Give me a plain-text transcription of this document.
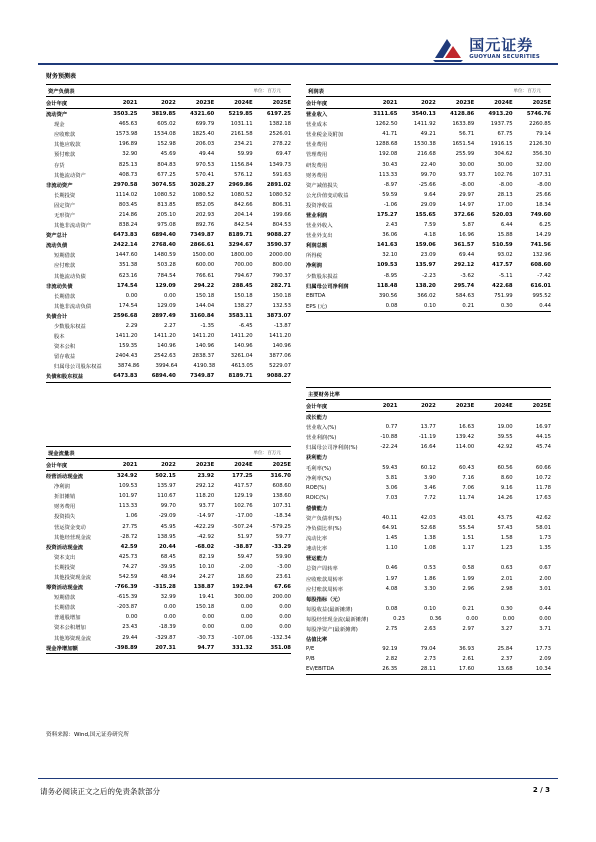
国元证券
GUOYUAN SECURITIES
财务预测表
资产负债表	单位：百万元
会计年度	2021	2022	2023E	2024E	2025E
流动资产	3503.25	3819.85	4321.60	5219.85	6197.25
现金	465.63	605.02	699.79	1031.11	1382.18
应收账款	1573.98	1534.08	1825.40	2161.58	2526.01
其他应收款	196.89	152.98	206.03	234.21	278.22
预付账款	32.90	45.69	49.44	59.99	69.47
存货	825.13	804.83	970.53	1156.84	1349.73
其他流动资产	408.73	677.25	570.41	576.12	591.63
非流动资产	2970.58	3074.55	3028.27	2969.86	2891.02
长期投资	1114.02	1080.52	1080.52	1080.52	1080.52
固定资产	803.45	813.85	852.05	842.66	806.31
无形资产	214.86	205.10	202.93	204.14	199.66
其他非流动资产	838.24	975.08	892.76	842.54	804.53
资产总计	6473.83	6894.40	7349.87	8189.71	9088.27
流动负债	2422.14	2768.40	2866.61	3294.67	3590.37
短期借款	1447.60	1480.59	1500.00	1800.00	2000.00
应付账款	351.38	503.28	600.00	700.00	800.00
其他流动负债	623.16	784.54	766.61	794.67	790.37
非流动负债	174.54	129.09	294.22	288.45	282.71
长期借款	0.00	0.00	150.18	150.18	150.18
其他非流动负债	174.54	129.09	144.04	138.27	132.53
负债合计	2596.68	2897.49	3160.84	3583.11	3873.07
少数股东权益	2.29	2.27	-1.35	-6.45	-13.87
股本	1411.20	1411.20	1411.20	1411.20	1411.20
资本公积	159.35	140.96	140.96	140.96	140.96
留存收益	2404.43	2542.63	2838.37	3261.04	3877.06
归属母公司股东权益	3874.86	3994.64	4190.38	4613.05	5229.07
负债和股东权益	6473.83	6894.40	7349.87	8189.71	9088.27
利润表	单位：百万元
会计年度	2021	2022	2023E	2024E	2025E
营业收入	3111.65	3540.13	4128.86	4913.20	5746.76
营业成本	1262.50	1411.92	1633.89	1937.75	2260.85
营业税金及附加	41.71	49.21	56.71	67.75	79.14
营业费用	1288.68	1530.38	1651.54	1916.15	2126.30
管理费用	192.08	216.68	255.99	304.62	356.30
研发费用	30.43	22.40	30.00	30.00	32.00
财务费用	113.33	99.70	93.77	102.76	107.31
资产减值损失	-8.97	-25.66	-8.00	-8.00	-8.00
公允价值变动收益	59.59	9.64	29.97	28.13	25.66
投资净收益	-1.06	29.09	14.97	17.00	18.34
营业利润	175.27	155.65	372.66	520.03	749.60
营业外收入	2.43	7.59	5.87	6.44	6.25
营业外支出	36.06	4.18	16.96	15.88	14.29
利润总额	141.63	159.06	361.57	510.59	741.56
所得税	32.10	23.09	69.44	93.02	132.96
净利润	109.53	135.97	292.12	417.57	608.60
少数股东损益	-8.95	-2.23	-3.62	-5.11	-7.42
归属母公司净利润	118.48	138.20	295.74	422.68	616.01
EBITDA	390.56	366.02	584.63	751.99	995.52
EPS (元)	0.08	0.10	0.21	0.30	0.44
现金流量表	单位：百万元
会计年度	2021	2022	2023E	2024E	2025E
经营活动现金流	324.92	502.15	23.92	177.25	316.70
净利润	109.53	135.97	292.12	417.57	608.60
折旧摊销	101.97	110.67	118.20	129.19	138.60
财务费用	113.33	99.70	93.77	102.76	107.31
投资损失	1.06	-29.09	-14.97	-17.00	-18.34
营运资金变动	27.75	45.95	-422.29	-507.24	-579.25
其他经营现金流	-28.72	138.95	-42.92	51.97	59.77
投资活动现金流	42.59	20.44	-68.02	-38.87	-33.29
资本支出	425.73	68.45	82.19	59.47	59.90
长期投资	74.27	-39.95	10.10	-2.00	-3.00
其他投资现金流	542.59	48.94	24.27	18.60	23.61
筹资活动现金流	-766.39	-315.28	138.87	192.94	67.66
短期借款	-615.39	32.99	19.41	300.00	200.00
长期借款	-203.87	0.00	150.18	0.00	0.00
普通股增加	0.00	0.00	0.00	0.00	0.00
资本公积增加	23.43	-18.39	0.00	0.00	0.00
其他筹资现金流	29.44	-329.87	-30.73	-107.06	-132.34
现金净增加额	-398.89	207.31	94.77	331.32	351.08
主要财务比率
会计年度	2021	2022	2023E	2024E	2025E
成长能力
营业收入(%)	0.77	13.77	16.63	19.00	16.97
营业利润(%)	-10.88	-11.19	139.42	39.55	44.15
归属母公司净利润(%)	-22.24	16.64	114.00	42.92	45.74
获利能力
毛利率(%)	59.43	60.12	60.43	60.56	60.66
净利率(%)	3.81	3.90	7.16	8.60	10.72
ROE(%)	3.06	3.46	7.06	9.16	11.78
ROIC(%)	7.03	7.72	11.74	14.26	17.63
偿债能力
资产负债率(%)	40.11	42.03	43.01	43.75	42.62
净负债比率(%)	64.91	52.68	55.54	57.43	58.01
流动比率	1.45	1.38	1.51	1.58	1.73
速动比率	1.10	1.08	1.17	1.23	1.35
营运能力
总资产周转率	0.46	0.53	0.58	0.63	0.67
应收账款周转率	1.97	1.86	1.99	2.01	2.00
应付账款周转率	4.08	3.30	2.96	2.98	3.01
每股指标（元）
每股收益(最新摊薄)	0.08	0.10	0.21	0.30	0.44
每股经营现金流(最新摊薄)	0.23	0.36	0.00	0.00	0.00
每股净资产(最新摊薄)	2.75	2.63	2.97	3.27	3.71
估值比率
P/E	92.19	79.04	36.93	25.84	17.73
P/B	2.82	2.73	2.61	2.37	2.09
EV/EBITDA	26.35	28.11	17.60	13.68	10.34
资料来源：Wind,国元证券研究所
请务必阅读正文之后的免责条款部分	2 / 3
